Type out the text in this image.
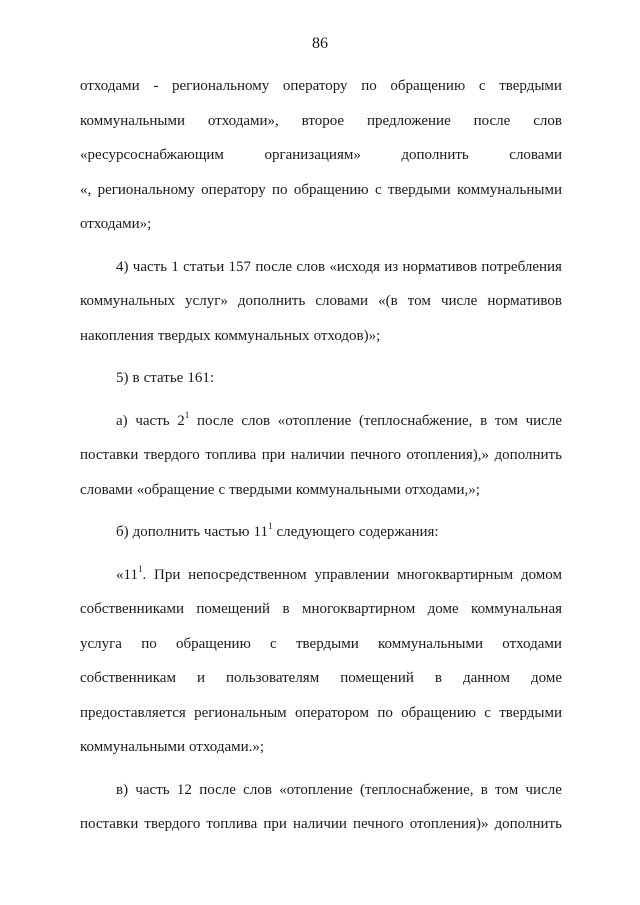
86
отходами - региональному оператору по обращению с твердыми
коммунальными отходами», второе предложение после слов
«ресурсоснабжающим	организациям»	дополнить	словами
«, региональному оператору по обращению с твердыми коммунальными
отходами»;
4) часть 1 статьи 157 после слов «исходя из нормативов потребления
коммунальных услуг» дополнить словами «(в том числе нормативов
накопления твердых коммунальных отходов)»;
5) в статье 161:
а) часть $2^1$ после слов «отопление (теплоснабжение, в том числе
поставки твердого топлива при наличии печного отопления),» дополнить
словами «обращение с твердыми коммунальными отходами,»;
б) дополнить частью $11^1$ следующего содержания:
«$11^1$. При непосредственном управлении многоквартирным домом
собственниками помещений в многоквартирном доме коммунальная
услуга по обращению с твердыми коммунальными отходами
собственникам и пользователям помещений в данном доме
предоставляется региональным оператором по обращению с твердыми
коммунальными отходами.»;
в) часть 12 после слов «отопление (теплоснабжение, в том числе
поставки твердого топлива при наличии печного отопления)» дополнить
